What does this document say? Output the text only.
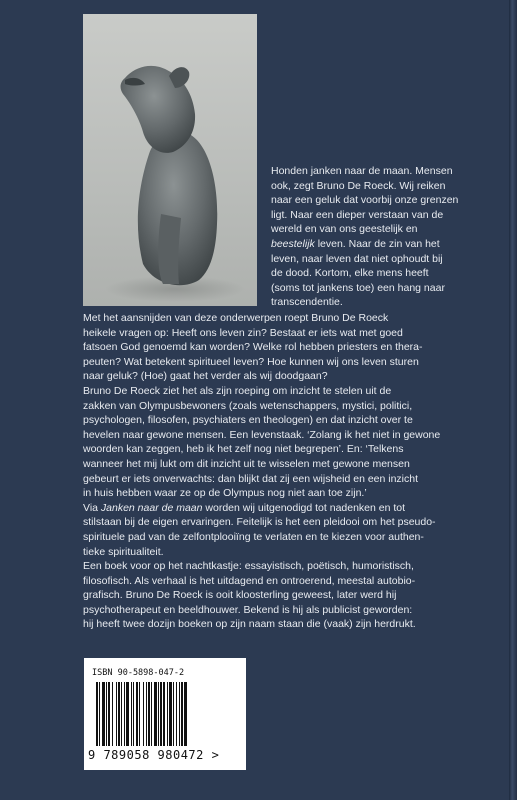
Honden janken naar de maan. Mensen

ook, zegt Bruno De Roeck. Wij reiken

naar een geluk dat voorbij onze grenzen

ligt. Naar een dieper verstaan van de

wereld en van ons geestelijk en

beestelijk leven. Naar de zin van het

leven, naar leven dat niet ophoudt bij

de dood. Kortom, elke mens heeft

(soms tot jankens toe) een hang naar

transcendentie.

Met het aansnijden van deze onderwerpen roept Bruno De Roeck

heikele vragen op: Heeft ons leven zin? Bestaat er iets wat met goed

fatsoen God genoemd kan worden? Welke rol hebben priesters en thera-

peuten? Wat betekent spiritueel leven? Hoe kunnen wij ons leven sturen

naar geluk? (Hoe) gaat het verder als wij doodgaan?

Bruno De Roeck ziet het als zijn roeping om inzicht te stelen uit de

zakken van Olympusbewoners (zoals wetenschappers, mystici, politici,

psychologen, filosofen, psychiaters en theologen) en dat inzicht over te

hevelen naar gewone mensen. Een levenstaak. ‘Zolang ik het niet in gewone

woorden kan zeggen, heb ik het zelf nog niet begrepen’. En: ‘Telkens

wanneer het mij lukt om dit inzicht uit te wisselen met gewone mensen

gebeurt er iets onverwachts: dan blijkt dat zij een wijsheid en een inzicht

in huis hebben waar ze op de Olympus nog niet aan toe zijn.’

Via Janken naar de maan worden wij uitgenodigd tot nadenken en tot

stilstaan bij de eigen ervaringen. Feitelijk is het een pleidooi om het pseudo-

spirituele pad van de zelfontplooiïng te verlaten en te kiezen voor authen-

tieke spiritualiteit.

Een boek voor op het nachtkastje: essayistisch, poëtisch, humoristisch,

filosofisch. Als verhaal is het uitdagend en ontroerend, meestal autobio-

grafisch. Bruno De Roeck is ooit kloosterling geweest, later werd hij

psychotherapeut en beeldhouwer. Bekend is hij als publicist geworden:

hij heeft twee dozijn boeken op zijn naam staan die (vaak) zijn herdrukt.

ISBN 90-5898-047-2
9 789058 980472 >
